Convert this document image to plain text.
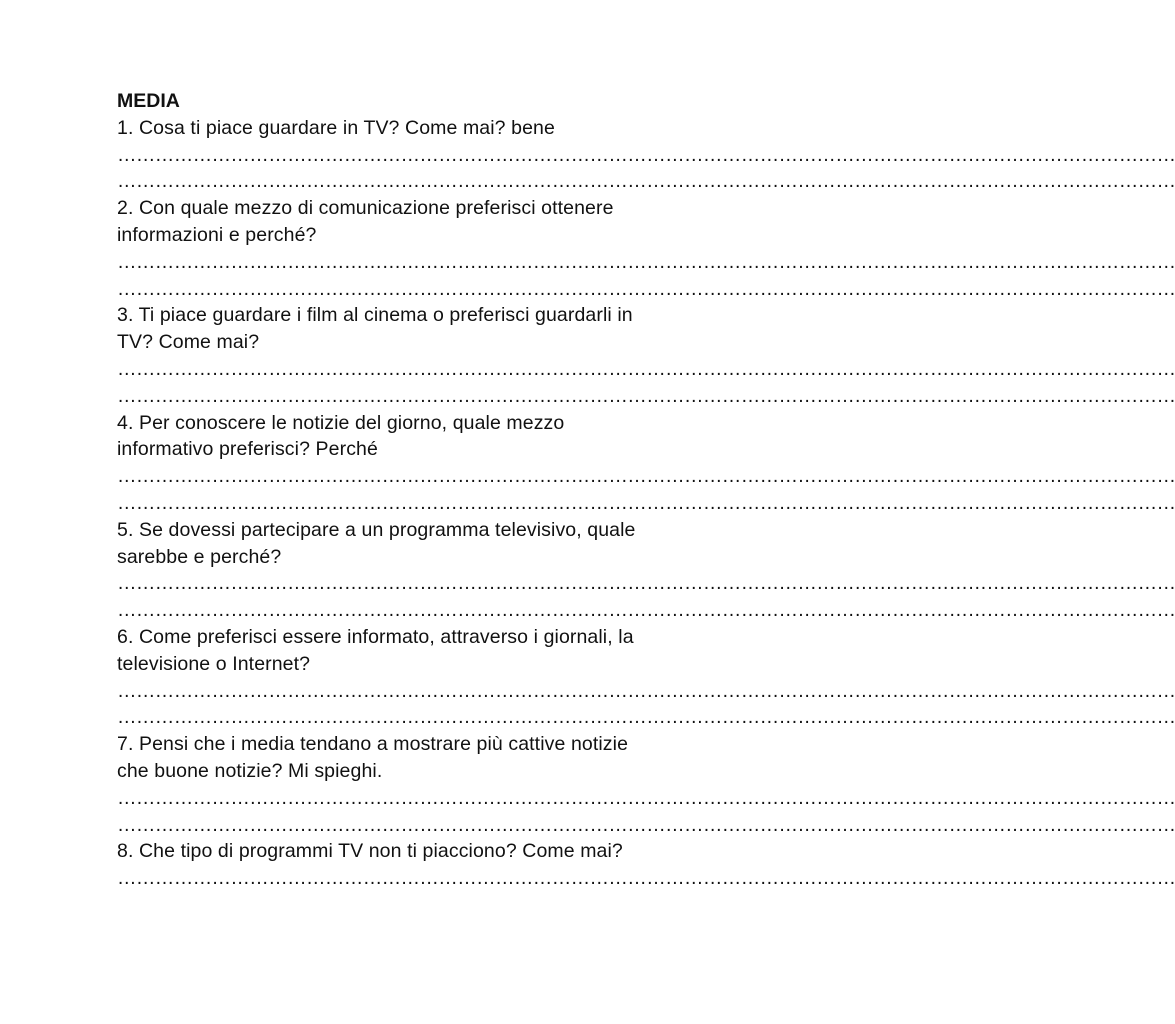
MEDIA
1. Cosa ti piace guardare in TV? Come mai? bene
……………………………………………………………………………………………………………………………………………………
……………………………………………………………………………………………………………………………………………………
2. Con quale mezzo di comunicazione preferisci ottenere informazioni e perché?
……………………………………………………………………………………………………………………………………………………
……………………………………………………………………………………………………………………………………………………
3. Ti piace guardare i film al cinema o preferisci guardarli in TV? Come mai?
……………………………………………………………………………………………………………………………………………………
……………………………………………………………………………………………………………………………………………………
4. Per conoscere le notizie del giorno, quale mezzo informativo preferisci? Perché
……………………………………………………………………………………………………………………………………………………
……………………………………………………………………………………………………………………………………………………
5. Se dovessi partecipare a un programma televisivo, quale sarebbe e perché?
……………………………………………………………………………………………………………………………………………………
……………………………………………………………………………………………………………………………………………………
6. Come preferisci essere informato, attraverso i giornali, la televisione o Internet?
……………………………………………………………………………………………………………………………………………………
……………………………………………………………………………………………………………………………………………………
7. Pensi che i media tendano a mostrare più cattive notizie che buone notizie? Mi spieghi.
……………………………………………………………………………………………………………………………………………………
……………………………………………………………………………………………………………………………………………………
8. Che tipo di programmi TV non ti piacciono? Come mai?
……………………………………………………………………………………………………………………………………………………
